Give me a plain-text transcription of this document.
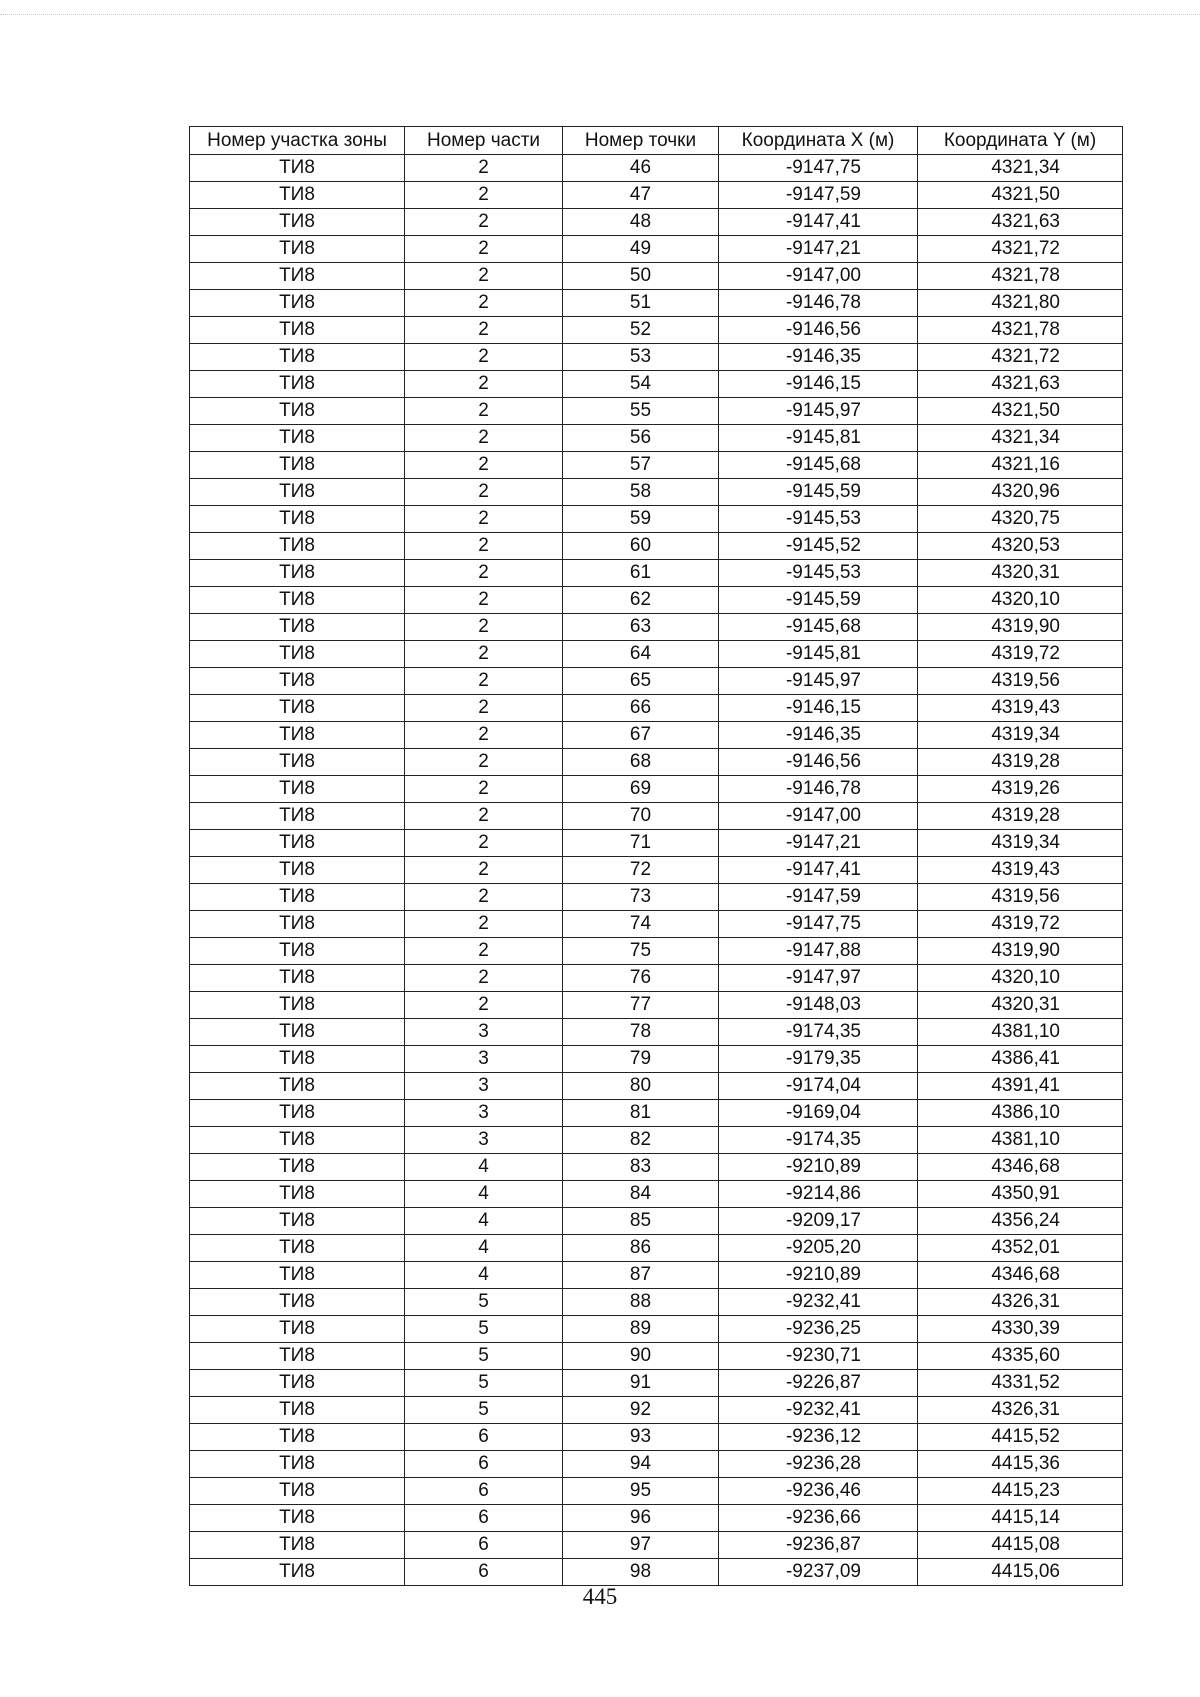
Номер участка зоны	Номер части	Номер точки	Координата X (м)	Координата Y (м)
ТИ8	2	46	-9147,75	4321,34
ТИ8	2	47	-9147,59	4321,50
ТИ8	2	48	-9147,41	4321,63
ТИ8	2	49	-9147,21	4321,72
ТИ8	2	50	-9147,00	4321,78
ТИ8	2	51	-9146,78	4321,80
ТИ8	2	52	-9146,56	4321,78
ТИ8	2	53	-9146,35	4321,72
ТИ8	2	54	-9146,15	4321,63
ТИ8	2	55	-9145,97	4321,50
ТИ8	2	56	-9145,81	4321,34
ТИ8	2	57	-9145,68	4321,16
ТИ8	2	58	-9145,59	4320,96
ТИ8	2	59	-9145,53	4320,75
ТИ8	2	60	-9145,52	4320,53
ТИ8	2	61	-9145,53	4320,31
ТИ8	2	62	-9145,59	4320,10
ТИ8	2	63	-9145,68	4319,90
ТИ8	2	64	-9145,81	4319,72
ТИ8	2	65	-9145,97	4319,56
ТИ8	2	66	-9146,15	4319,43
ТИ8	2	67	-9146,35	4319,34
ТИ8	2	68	-9146,56	4319,28
ТИ8	2	69	-9146,78	4319,26
ТИ8	2	70	-9147,00	4319,28
ТИ8	2	71	-9147,21	4319,34
ТИ8	2	72	-9147,41	4319,43
ТИ8	2	73	-9147,59	4319,56
ТИ8	2	74	-9147,75	4319,72
ТИ8	2	75	-9147,88	4319,90
ТИ8	2	76	-9147,97	4320,10
ТИ8	2	77	-9148,03	4320,31
ТИ8	3	78	-9174,35	4381,10
ТИ8	3	79	-9179,35	4386,41
ТИ8	3	80	-9174,04	4391,41
ТИ8	3	81	-9169,04	4386,10
ТИ8	3	82	-9174,35	4381,10
ТИ8	4	83	-9210,89	4346,68
ТИ8	4	84	-9214,86	4350,91
ТИ8	4	85	-9209,17	4356,24
ТИ8	4	86	-9205,20	4352,01
ТИ8	4	87	-9210,89	4346,68
ТИ8	5	88	-9232,41	4326,31
ТИ8	5	89	-9236,25	4330,39
ТИ8	5	90	-9230,71	4335,60
ТИ8	5	91	-9226,87	4331,52
ТИ8	5	92	-9232,41	4326,31
ТИ8	6	93	-9236,12	4415,52
ТИ8	6	94	-9236,28	4415,36
ТИ8	6	95	-9236,46	4415,23
ТИ8	6	96	-9236,66	4415,14
ТИ8	6	97	-9236,87	4415,08
ТИ8	6	98	-9237,09	4415,06
445
